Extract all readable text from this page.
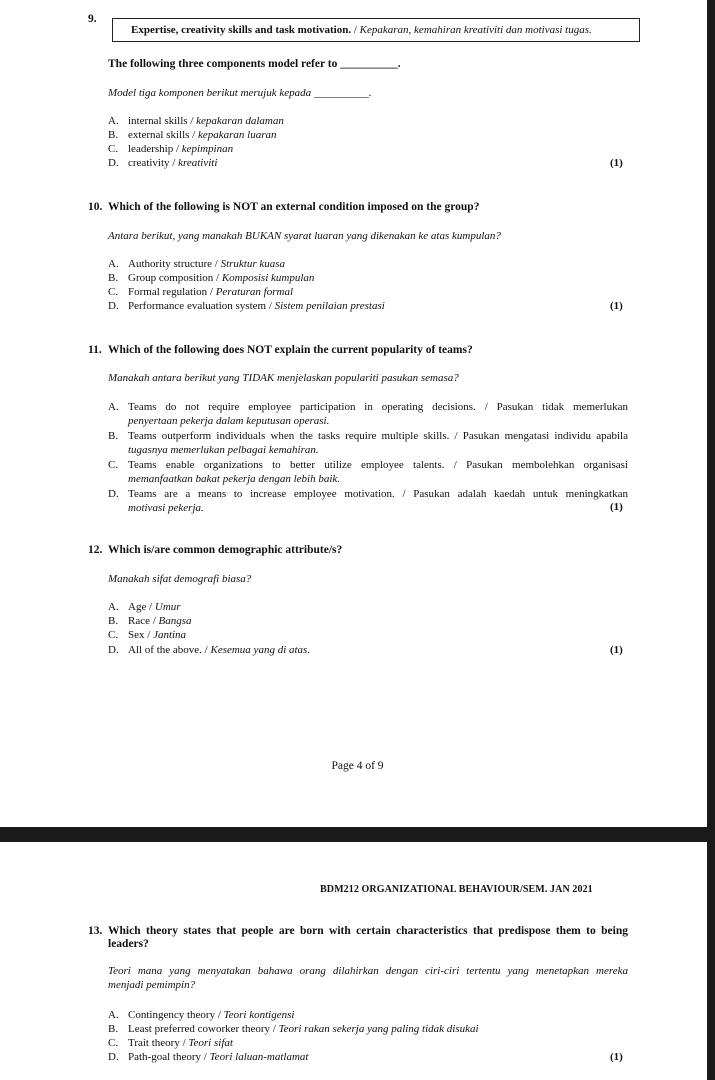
9.
Expertise, creativity skills and task motivation. / Kepakaran, kemahiran kreativiti dan motivasi tugas.
The following three components model refer to __________.
Model tiga komponen berikut merujuk kepada __________.
A. internal skills / kepakaran dalaman
B. external skills / kepakaran luaran
C. leadership / kepimpinan
D. creativity / kreativiti	(1)
10. Which of the following is NOT an external condition imposed on the group?
Antara berikut, yang manakah BUKAN syarat luaran yang dikenakan ke atas kumpulan?
A. Authority structure / Struktur kuasa
B. Group composition / Komposisi kumpulan
C. Formal regulation / Peraturan formal
D. Performance evaluation system / Sistem penilaian prestasi	(1)
11. Which of the following does NOT explain the current popularity of teams?
Manakah antara berikut yang TIDAK menjelaskan populariti pasukan semasa?
A. Teams do not require employee participation in operating decisions. / Pasukan tidak memerlukan
penyertaan pekerja dalam keputusan operasi.
B. Teams outperform individuals when the tasks require multiple skills. / Pasukan mengatasi individu apabila
tugasnya memerlukan pelbagai kemahiran.
C. Teams enable organizations to better utilize employee talents. / Pasukan membolehkan organisasi
memanfaatkan bakat pekerja dengan lebih baik.
D. Teams are a means to increase employee motivation. / Pasukan adalah kaedah untuk meningkatkan
motivasi pekerja.	(1)
12. Which is/are common demographic attribute/s?
Manakah sifat demografi biasa?
A. Age / Umur
B. Race / Bangsa
C. Sex / Jantina
D. All of the above. / Kesemua yang di atas.	(1)
Page 4 of 9
BDM212 ORGANIZATIONAL BEHAVIOUR/SEM. JAN 2021
13. Which theory states that people are born with certain characteristics that predispose them to being
leaders?
Teori mana yang menyatakan bahawa orang dilahirkan dengan ciri-ciri tertentu yang menetapkan mereka
menjadi pemimpin?
A. Contingency theory / Teori kontigensi
B. Least preferred coworker theory / Teori rakan sekerja yang paling tidak disukai
C. Trait theory / Teori sifat
D. Path-goal theory / Teori laluan-matlamat	(1)
